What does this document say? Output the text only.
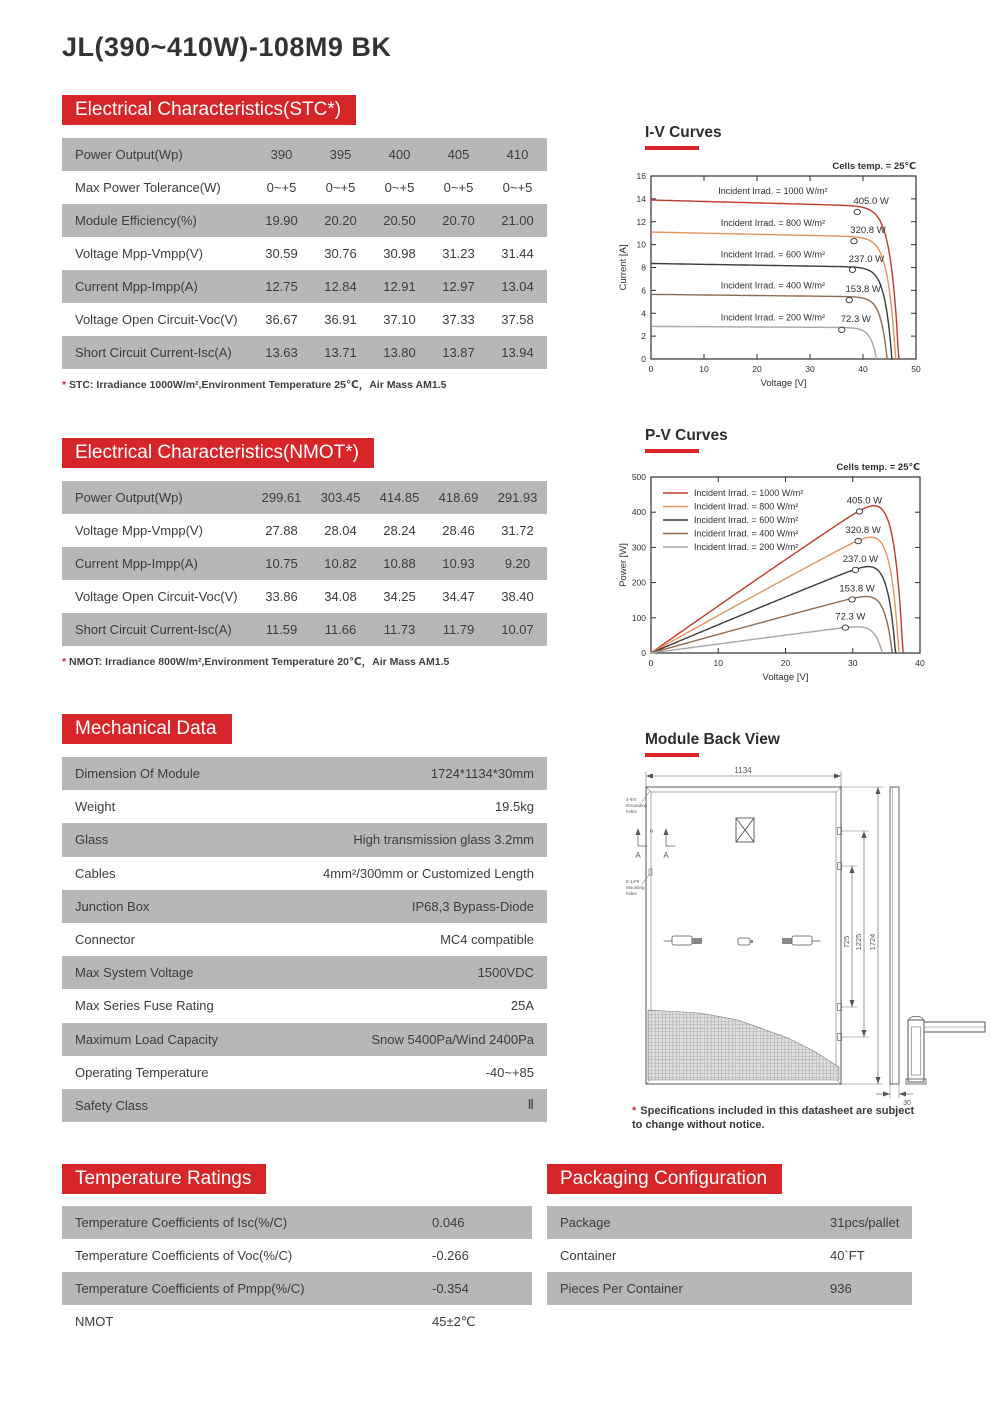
JL(390~410W)-108M9 BK
Electrical Characteristics(STC*)
Power Output(Wp)	390	395	400	405	410
Max Power Tolerance(W)	0~+5	0~+5	0~+5	0~+5	0~+5
Module Efficiency(%)	19.90	20.20	20.50	20.70	21.00
Voltage Mpp-Vmpp(V)	30.59	30.76	30.98	31.23	31.44
Current Mpp-Impp(A)	12.75	12.84	12.91	12.97	13.04
Voltage Open Circuit-Voc(V)	36.67	36.91	37.10	37.33	37.58
Short Circuit Current-Isc(A)	13.63	13.71	13.80	13.87	13.94
* STC: Irradiance 1000W/m²,Environment Temperature 25℃，Air Mass AM1.5
Electrical Characteristics(NMOT*)
Power Output(Wp)	299.61	303.45	414.85	418.69	291.93
Voltage Mpp-Vmpp(V)	27.88	28.04	28.24	28.46	31.72
Current Mpp-Impp(A)	10.75	10.82	10.88	10.93	9.20
Voltage Open Circuit-Voc(V)	33.86	34.08	34.25	34.47	38.40
Short Circuit Current-Isc(A)	11.59	11.66	11.73	11.79	10.07
* NMOT: Irradiance 800W/m²,Environment Temperature 20℃，Air Mass AM1.5
Mechanical Data
Dimension Of Module	1724*1134*30mm
Weight	19.5kg
Glass	High transmission glass 3.2mm
Cables	4mm²/300mm or Customized Length
Junction Box	IP68,3 Bypass-Diode
Connector	MC4 compatible
Max System Voltage	1500VDC
Max Series Fuse Rating	25A
Maximum Load Capacity	Snow 5400Pa/Wind 2400Pa
Operating Temperature	-40~+85
Safety Class	Ⅱ
I-V Curves
0	10	20	30	40	50
0
2
4
6
8
10
12
14
16
Voltage [V]
Current [A]
Cells temp. = 25℃
Incident Irrad. = 1000 W/m²
Incident Irrad. = 800 W/m²
Incident Irrad. = 600 W/m²
Incident Irrad. = 400 W/m²
Incident Irrad. = 200 W/m²
405.0 W
320.8 W
237.0 W
153.8 W
72.3 W
P-V Curves
0	10	20	30	40
0
100
200
300
400
500
Voltage [V]
Power [W]
Cells temp. = 25℃
Incident Irrad. = 1000 W/m²
Incident Irrad. = 800 W/m²
Incident Irrad. = 600 W/m²
Incident Irrad. = 400 W/m²
Incident Irrad. = 200 W/m²
405.0 W
320.8 W
237.0 W
153.8 W
72.3 W
Module Back View
1134
4-Φ4
Grounding
holes
A	A
8-14*9
Mounting
holes
725 1225 1724
30
A-A
* Specifications included in this datasheet are subject to change without notice.
Temperature Ratings
Temperature Coefficients of Isc(%/C)	0.046
Temperature Coefficients of Voc(%/C)	-0.266
Temperature Coefficients of Pmpp(%/C)	-0.354
NMOT	45±2℃
Packaging Configuration
Package	31pcs/pallet
Container	40`FT
Pieces Per Container	936
